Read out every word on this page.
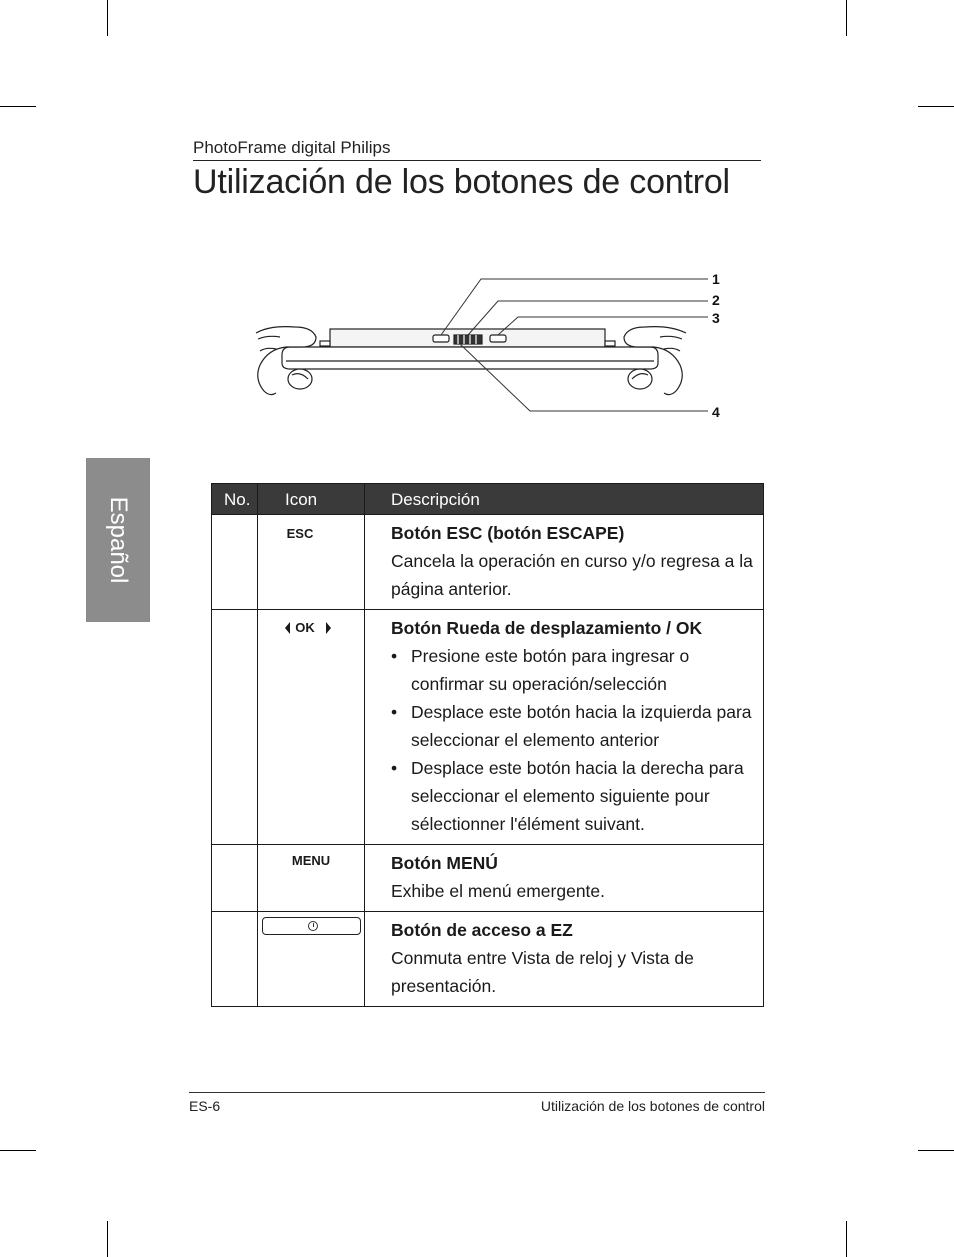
PhotoFrame digital Philips
Utilización de los botones de control
Español
1
2
3
4
No.	Icon	Descripción
	ESC	Botón ESC (botón ESCAPE)
Cancela la operación en curso y/o regresa a la página anterior.

	OK	Botón Rueda de desplazamiento / OK
• Presione este botón para ingresar o confirmar su operación/selección
• Desplace este botón hacia la izquierda para seleccionar el elemento anterior
• Desplace este botón hacia la derecha para seleccionar el elemento siguiente pour sélectionner l'élément suivant.

	MENU	Botón MENÚ
Exhibe el menú emergente.

		Botón de acceso a EZ
Conmuta entre Vista de reloj y Vista de presentación.
ES-6	Utilización de los botones de control
